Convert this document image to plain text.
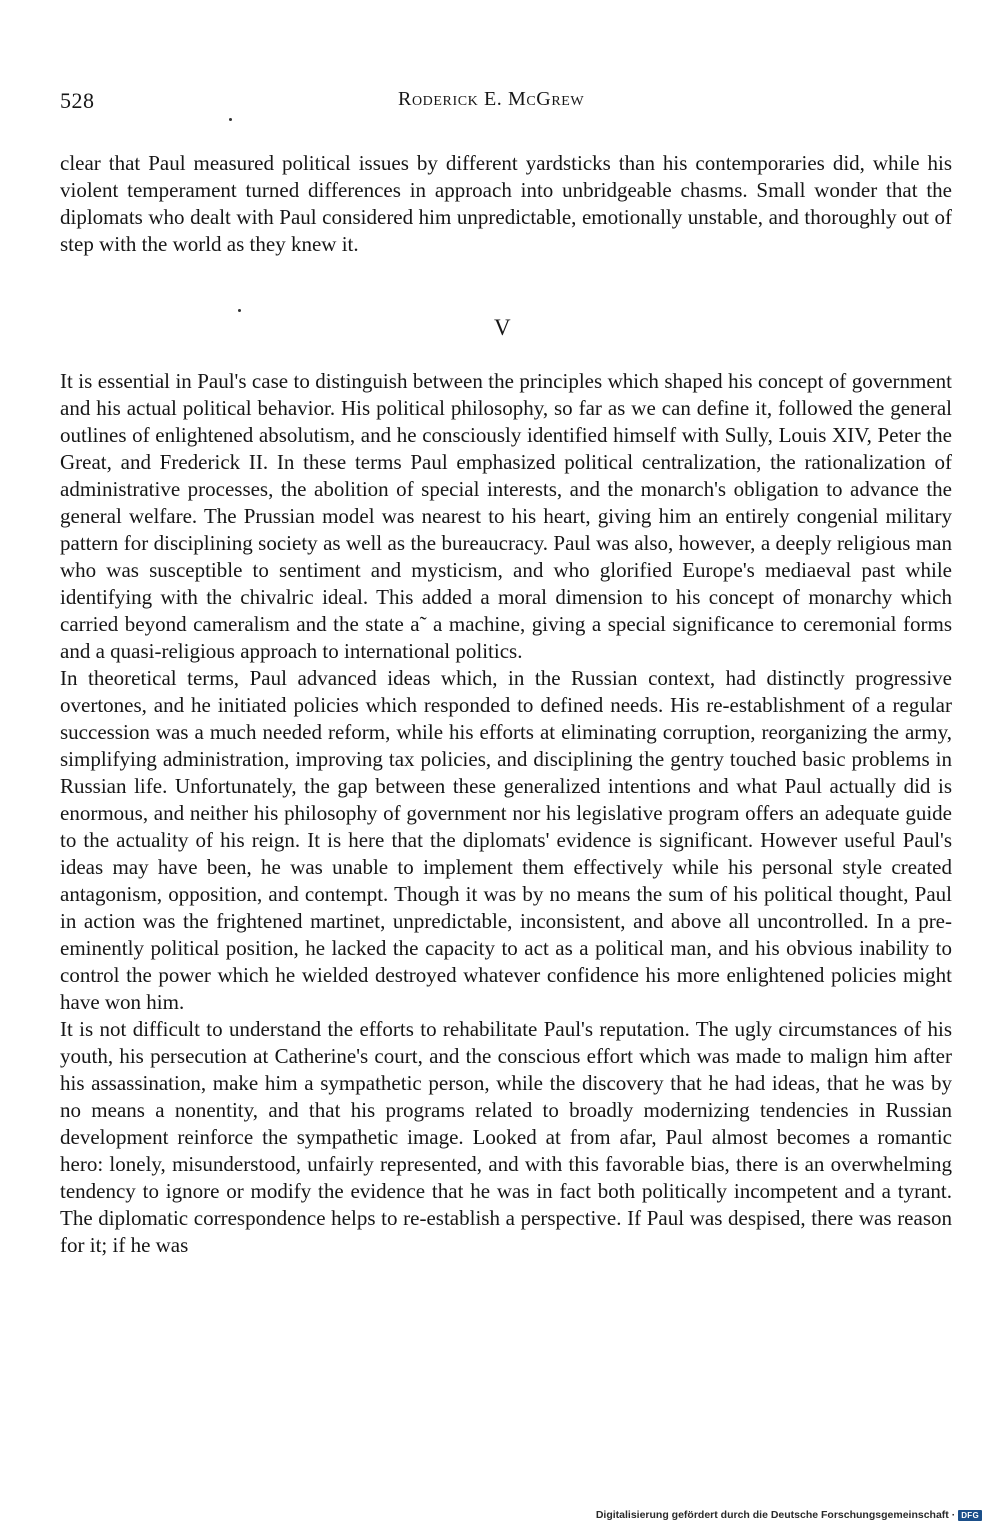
528	Roderick E. McGrew

clear that Paul measured political issues by different yardsticks than his contemporaries did, while his violent temperament turned differences in approach into unbridgeable chasms. Small wonder that the diplomats who dealt with Paul considered him unpredictable, emotionally unstable, and thoroughly out of step with the world as they knew it.

V

It is essential in Paul's case to distinguish between the principles which shaped his concept of government and his actual political behavior. His political philosophy, so far as we can define it, followed the general outlines of enlightened absolutism, and he consciously identified himself with Sully, Louis XIV, Peter the Great, and Frederick II. In these terms Paul emphasized political centralization, the rationalization of administrative processes, the abolition of special interests, and the monarch's obligation to advance the general welfare. The Prussian model was nearest to his heart, giving him an entirely congenial military pattern for disciplining society as well as the bureaucracy. Paul was also, however, a deeply religious man who was susceptible to sentiment and mysticism, and who glorified Europe's mediaeval past while identifying with the chivalric ideal. This added a moral dimension to his concept of monarchy which carried beyond cameralism and the state a˜ a machine, giving a special significance to ceremonial forms and a quasi-religious approach to international politics.

In theoretical terms, Paul advanced ideas which, in the Russian context, had distinctly progressive overtones, and he initiated policies which responded to defined needs. His re-establishment of a regular succession was a much needed reform, while his efforts at eliminating corruption, reorganizing the army, simplifying administration, improving tax policies, and disciplining the gentry touched basic problems in Russian life. Unfortunately, the gap between these generalized intentions and what Paul actually did is enormous, and neither his philosophy of government nor his legislative program offers an adequate guide to the actuality of his reign. It is here that the diplomats' evidence is significant. However useful Paul's ideas may have been, he was unable to implement them effectively while his personal style created antagonism, opposition, and contempt. Though it was by no means the sum of his political thought, Paul in action was the frightened martinet, unpredictable, inconsistent, and above all uncontrolled. In a pre-eminently political position, he lacked the capacity to act as a political man, and his obvious inability to control the power which he wielded destroyed whatever confidence his more enlightened policies might have won him.

It is not difficult to understand the efforts to rehabilitate Paul's reputation. The ugly circumstances of his youth, his persecution at Catherine's court, and the conscious effort which was made to malign him after his assassination, make him a sympathetic person, while the discovery that he had ideas, that he was by no means a nonentity, and that his programs related to broadly modernizing tendencies in Russian development reinforce the sympathetic image. Looked at from afar, Paul almost becomes a romantic hero: lonely, misunderstood, unfairly represented, and with this favorable bias, there is an overwhelming tendency to ignore or modify the evidence that he was in fact both politically incompetent and a tyrant. The diplomatic correspondence helps to re-establish a perspective. If Paul was despised, there was reason for it; if he was

Digitalisierung gefördert durch die Deutsche Forschungsgemeinschaft · DFG
